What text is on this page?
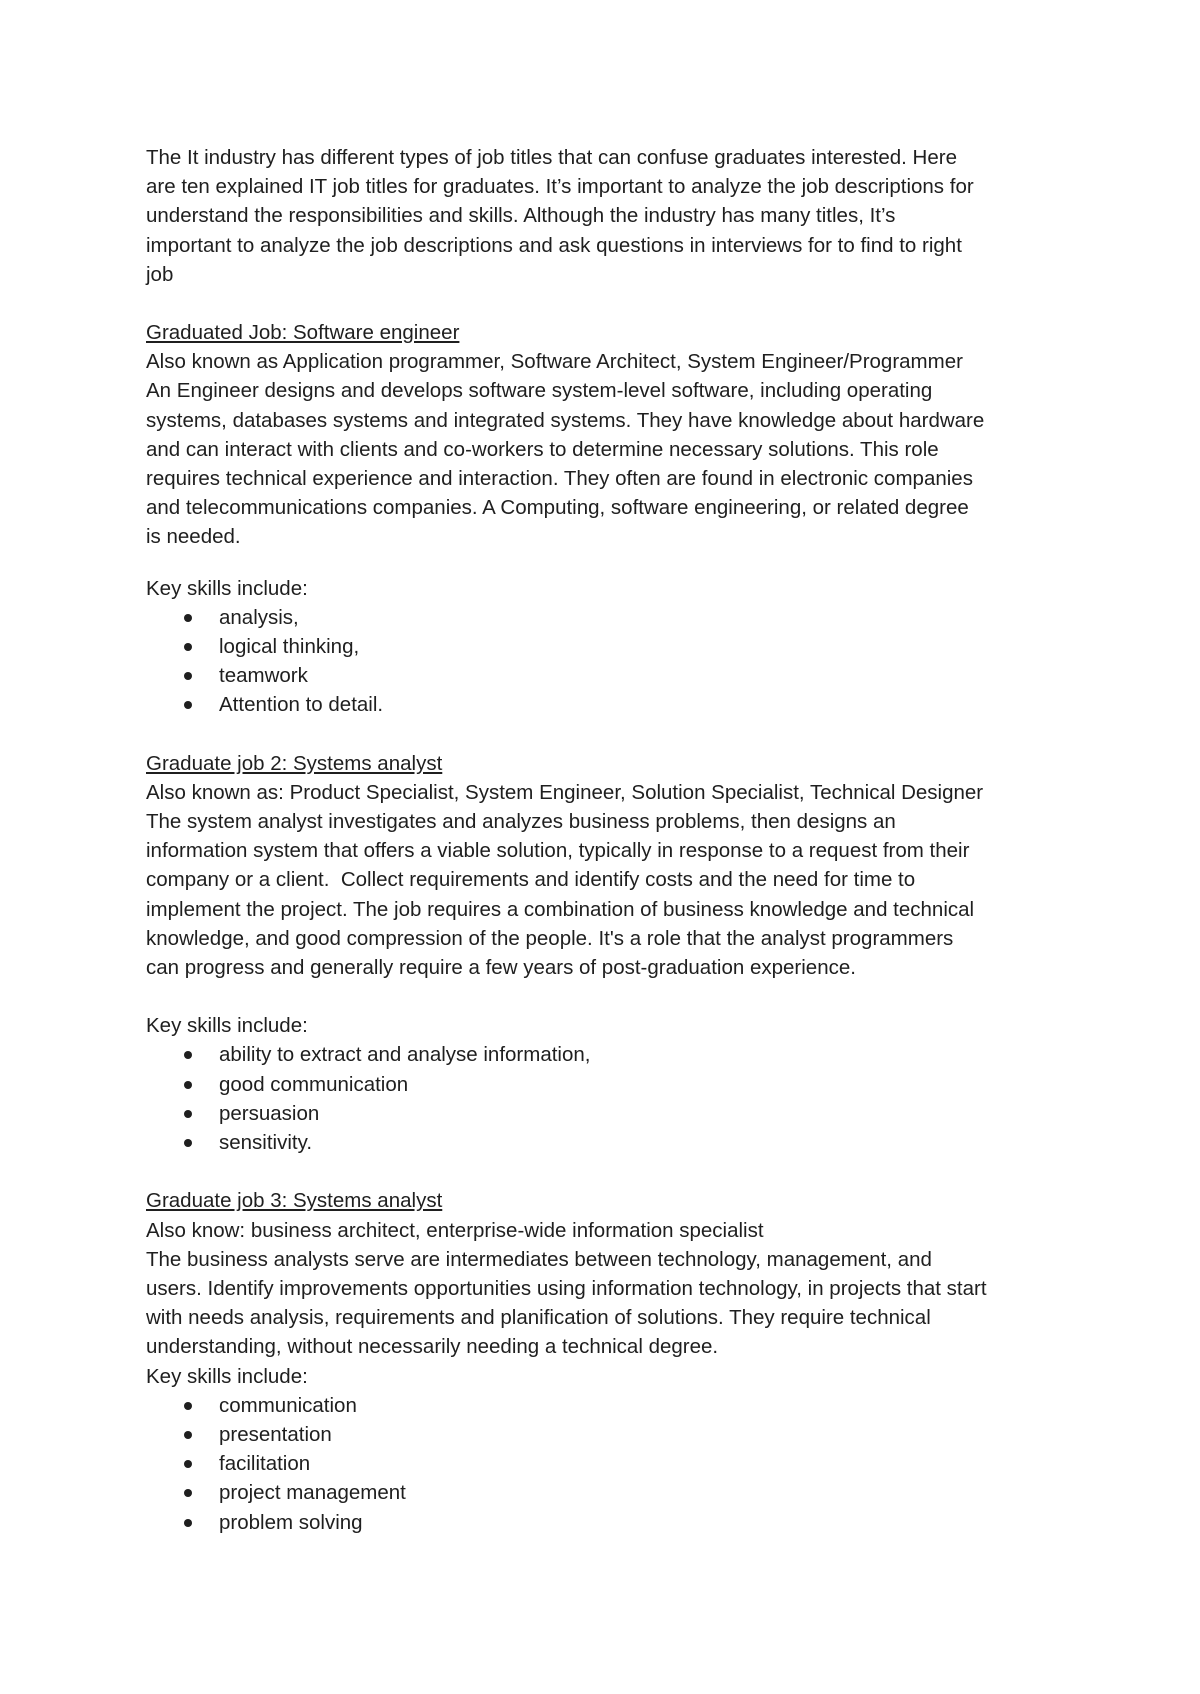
The It industry has different types of job titles that can confuse graduates interested. Here

are ten explained IT job titles for graduates. It’s important to analyze the job descriptions for

understand the responsibilities and skills. Although the industry has many titles, It’s

important to analyze the job descriptions and ask questions in interviews for to find to right

job

Graduated Job: Software engineer

Also known as Application programmer, Software Architect, System Engineer/Programmer

An Engineer designs and develops software system-level software, including operating

systems, databases systems and integrated systems. They have knowledge about hardware

and can interact with clients and co-workers to determine necessary solutions. This role

requires technical experience and interaction. They often are found in electronic companies

and telecommunications companies. A Computing, software engineering, or related degree

is needed.

Key skills include:

analysis,
logical thinking,
teamwork
Attention to detail.

Graduate job 2: Systems analyst

Also known as: Product Specialist, System Engineer, Solution Specialist, Technical Designer

The system analyst investigates and analyzes business problems, then designs an

information system that offers a viable solution, typically in response to a request from their

company or a client.  Collect requirements and identify costs and the need for time to

implement the project. The job requires a combination of business knowledge and technical

knowledge, and good compression of the people. It's a role that the analyst programmers

can progress and generally require a few years of post-graduation experience.

Key skills include:

ability to extract and analyse information,
good communication
persuasion
sensitivity.

Graduate job 3: Systems analyst

Also know: business architect, enterprise-wide information specialist

The business analysts serve are intermediates between technology, management, and

users. Identify improvements opportunities using information technology, in projects that start

with needs analysis, requirements and planification of solutions. They require technical

understanding, without necessarily needing a technical degree.

Key skills include:

communication
presentation
facilitation
project management
problem solving
